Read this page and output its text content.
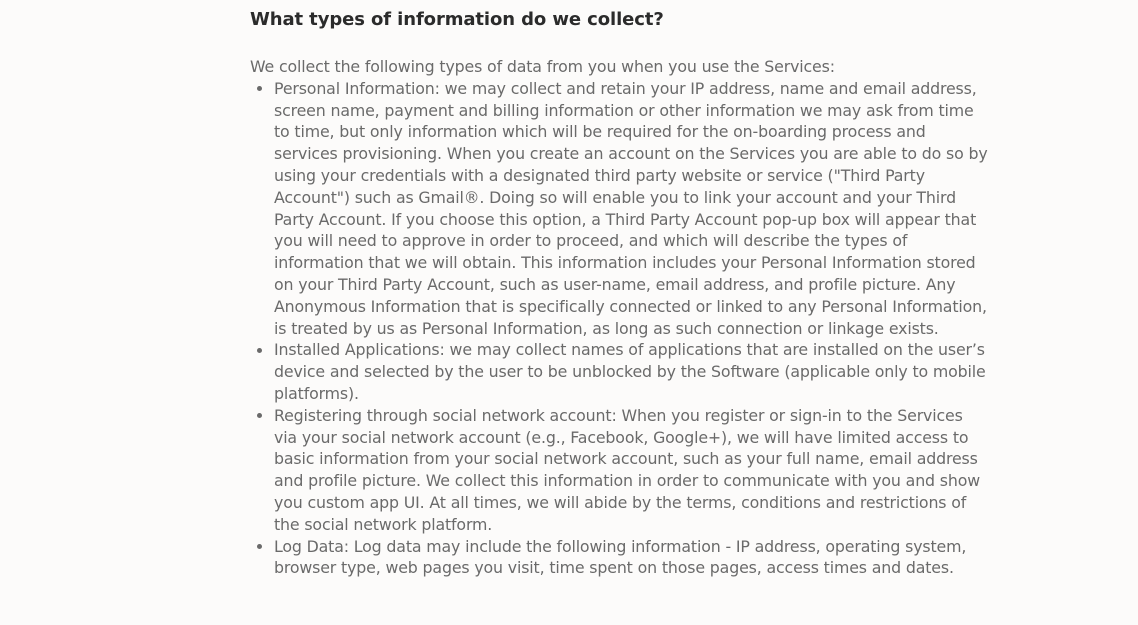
What types of information do we collect?

We collect the following types of data from you when you use the Services:

Personal Information: we may collect and retain your IP address, name and email address, screen name, payment and billing information or other information we may ask from time to time, but only information which will be required for the on-boarding process and services provisioning. When you create an account on the Services you are able to do so by using your credentials with a designated third party website or service ("Third Party Account") such as Gmail®. Doing so will enable you to link your account and your Third Party Account. If you choose this option, a Third Party Account pop-up box will appear that you will need to approve in order to proceed, and which will describe the types of information that we will obtain. This information includes your Personal Information stored on your Third Party Account, such as user-name, email address, and profile picture. Any Anonymous Information that is specifically connected or linked to any Personal Information, is treated by us as Personal Information, as long as such connection or linkage exists.
Installed Applications: we may collect names of applications that are installed on the user’s device and selected by the user to be unblocked by the Software (applicable only to mobile platforms).
Registering through social network account: When you register or sign-in to the Services via your social network account (e.g., Facebook, Google+), we will have limited access to basic information from your social network account, such as your full name, email address and profile picture. We collect this information in order to communicate with you and show you custom app UI. At all times, we will abide by the terms, conditions and restrictions of the social network platform.
Log Data: Log data may include the following information - IP address, operating system, browser type, web pages you visit, time spent on those pages, access times and dates.
